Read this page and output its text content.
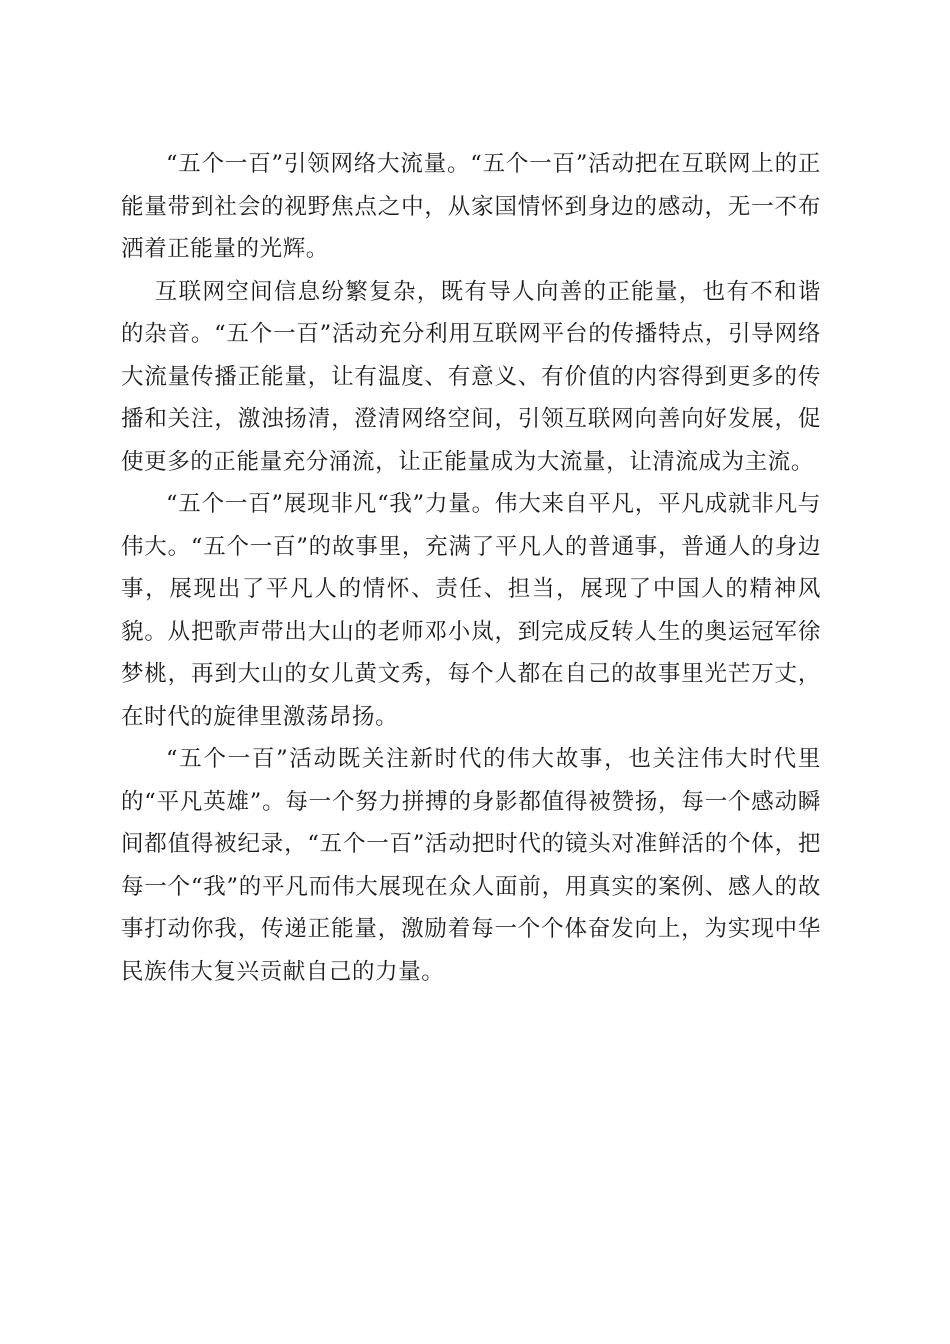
“五个一百”引领网络大流量。“五个一百”活动把在互联网上的正能量带到社会的视野焦点之中，从家国情怀到身边的感动，无一不布洒着正能量的光辉。

互联网空间信息纷繁复杂，既有导人向善的正能量，也有不和谐的杂音。“五个一百”活动充分利用互联网平台的传播特点，引导网络大流量传播正能量，让有温度、有意义、有价值的内容得到更多的传播和关注，激浊扬清，澄清网络空间，引领互联网向善向好发展，促使更多的正能量充分涌流，让正能量成为大流量，让清流成为主流。

“五个一百”展现非凡“我”力量。伟大来自平凡，平凡成就非凡与伟大。“五个一百”的故事里，充满了平凡人的普通事，普通人的身边事，展现出了平凡人的情怀、责任、担当，展现了中国人的精神风貌。从把歌声带出大山的老师邓小岚，到完成反转人生的奥运冠军徐梦桃，再到大山的女儿黄文秀，每个人都在自己的故事里光芒万丈，在时代的旋律里激荡昂扬。

“五个一百”活动既关注新时代的伟大故事，也关注伟大时代里的“平凡英雄”。每一个努力拼搏的身影都值得被赞扬，每一个感动瞬间都值得被纪录，“五个一百”活动把时代的镜头对准鲜活的个体，把每一个“我”的平凡而伟大展现在众人面前，用真实的案例、感人的故事打动你我，传递正能量，激励着每一个个体奋发向上，为实现中华民族伟大复兴贡献自己的力量。
